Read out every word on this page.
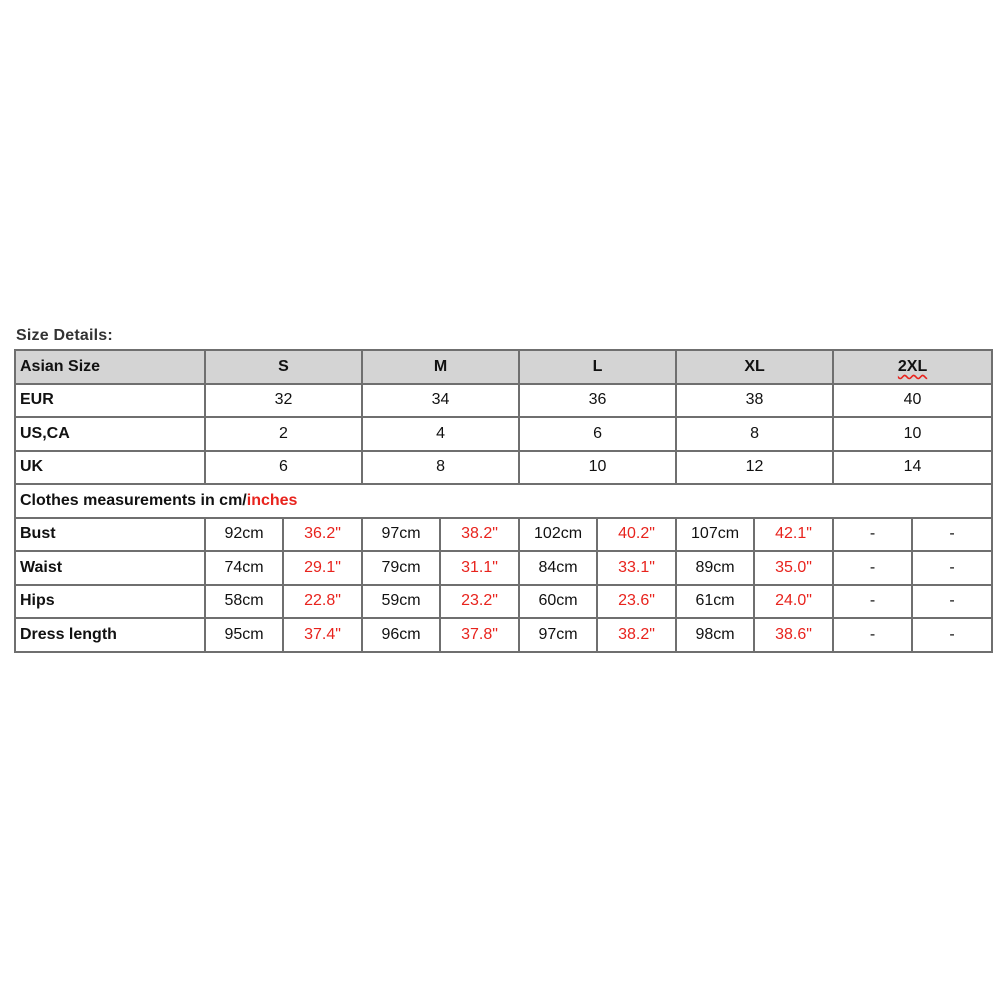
Size Details:
Asian Size	S		M		L		XL		2XL	
EUR	32		34		36		38		40	
US,CA	2		4		6		8		10	
UK	6		8		10		12		14	
Clothes measurements in cm/inches										
Bust	92cm	36.2"	97cm	38.2"	102cm	40.2"	107cm	42.1"	-	-
Waist	74cm	29.1"	79cm	31.1"	84cm	33.1"	89cm	35.0"	-	-
Hips	58cm	22.8"	59cm	23.2"	60cm	23.6"	61cm	24.0"	-	-
Dress length	95cm	37.4"	96cm	37.8"	97cm	38.2"	98cm	38.6"	-	-
